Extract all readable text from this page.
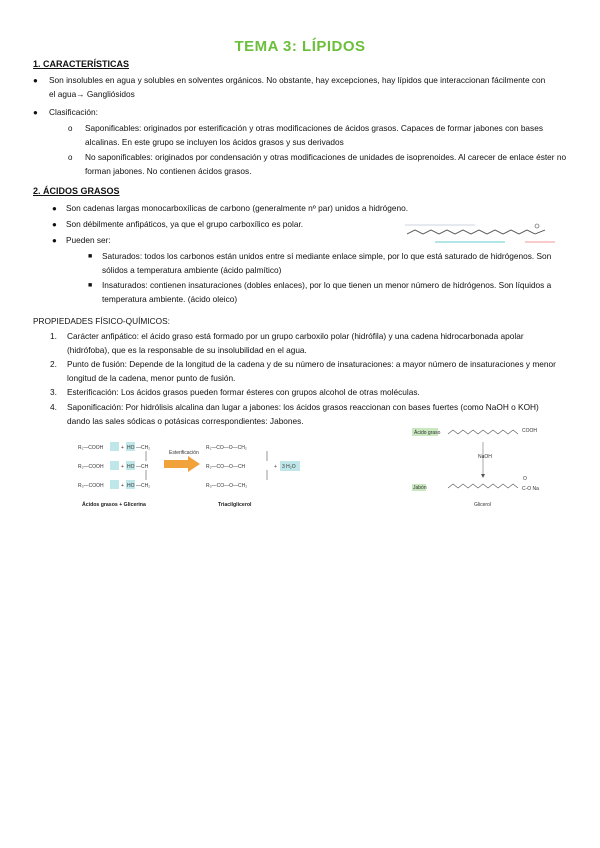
TEMA 3: LÍPIDOS
1. CARACTERÍSTICAS
● Son insolubles en agua y solubles en solventes orgánicos. No obstante, hay excepciones, hay lípidos que interaccionan fácilmente con el agua→ Gangliósidos
● Clasificación:
o Saponificables: originados por esterificación y otras modificaciones de ácidos grasos. Capaces de formar jabones con bases alcalinas. En este grupo se incluyen los ácidos grasos y sus derivados
o No saponificables: originados por condensación y otras modificaciones de unidades de isoprenoides. Al carecer de enlace éster no forman jabones. No contienen ácidos grasos.
2. ÁCIDOS GRASOS
● Son cadenas largas monocarboxílicas de carbono (generalmente nº par) unidos a hidrógeno.
● Son débilmente anfipáticos, ya que el grupo carboxílico es polar.
● Pueden ser:
■ Saturados: todos los carbonos están unidos entre sí mediante enlace simple, por lo que está saturado de hidrógenos. Son sólidos a temperatura ambiente (ácido palmítico)
■ Insaturados: contienen insaturaciones (dobles enlaces), por lo que tienen un menor número de hidrógenos. Son líquidos a temperatura ambiente. (ácido oleico)
PROPIEDADES FÍSICO-QUÍMICOS:
1. Carácter anfipático: el ácido graso está formado por un grupo carboxilo polar (hidrófila) y una cadena hidrocarbonada apolar (hidrófoba), que es la responsable de su insolubilidad en el agua.
2. Punto de fusión: Depende de la longitud de la cadena y de su número de insaturaciones: a mayor número de insaturaciones y menor longitud de la cadena, menor punto de fusión.
3. Esterificación: Los ácidos grasos pueden formar ésteres con grupos alcohol de otras moléculas.
4. Saponificación: Por hidrólisis alcalina dan lugar a jabones: los ácidos grasos reaccionan con bases fuertes (como NaOH o KOH) dando las sales sódicas o potásicas correspondientes: Jabones.
R₁—COOH	+ HO —CH₂
R₂—COOH	+ HO —CH
R₃—COOH	+ HO —CH₂
Esterificación
R₁—CO—O—CH₂
R₂—CO—O—CH
R₃—CO—O—CH₂
+ 3 H₂O
Ácidos grasos + Glicerina	Triacilglicerol
Ácido graso	COOH
NaOH
Jabón
O
C-O Na
Glicerol
